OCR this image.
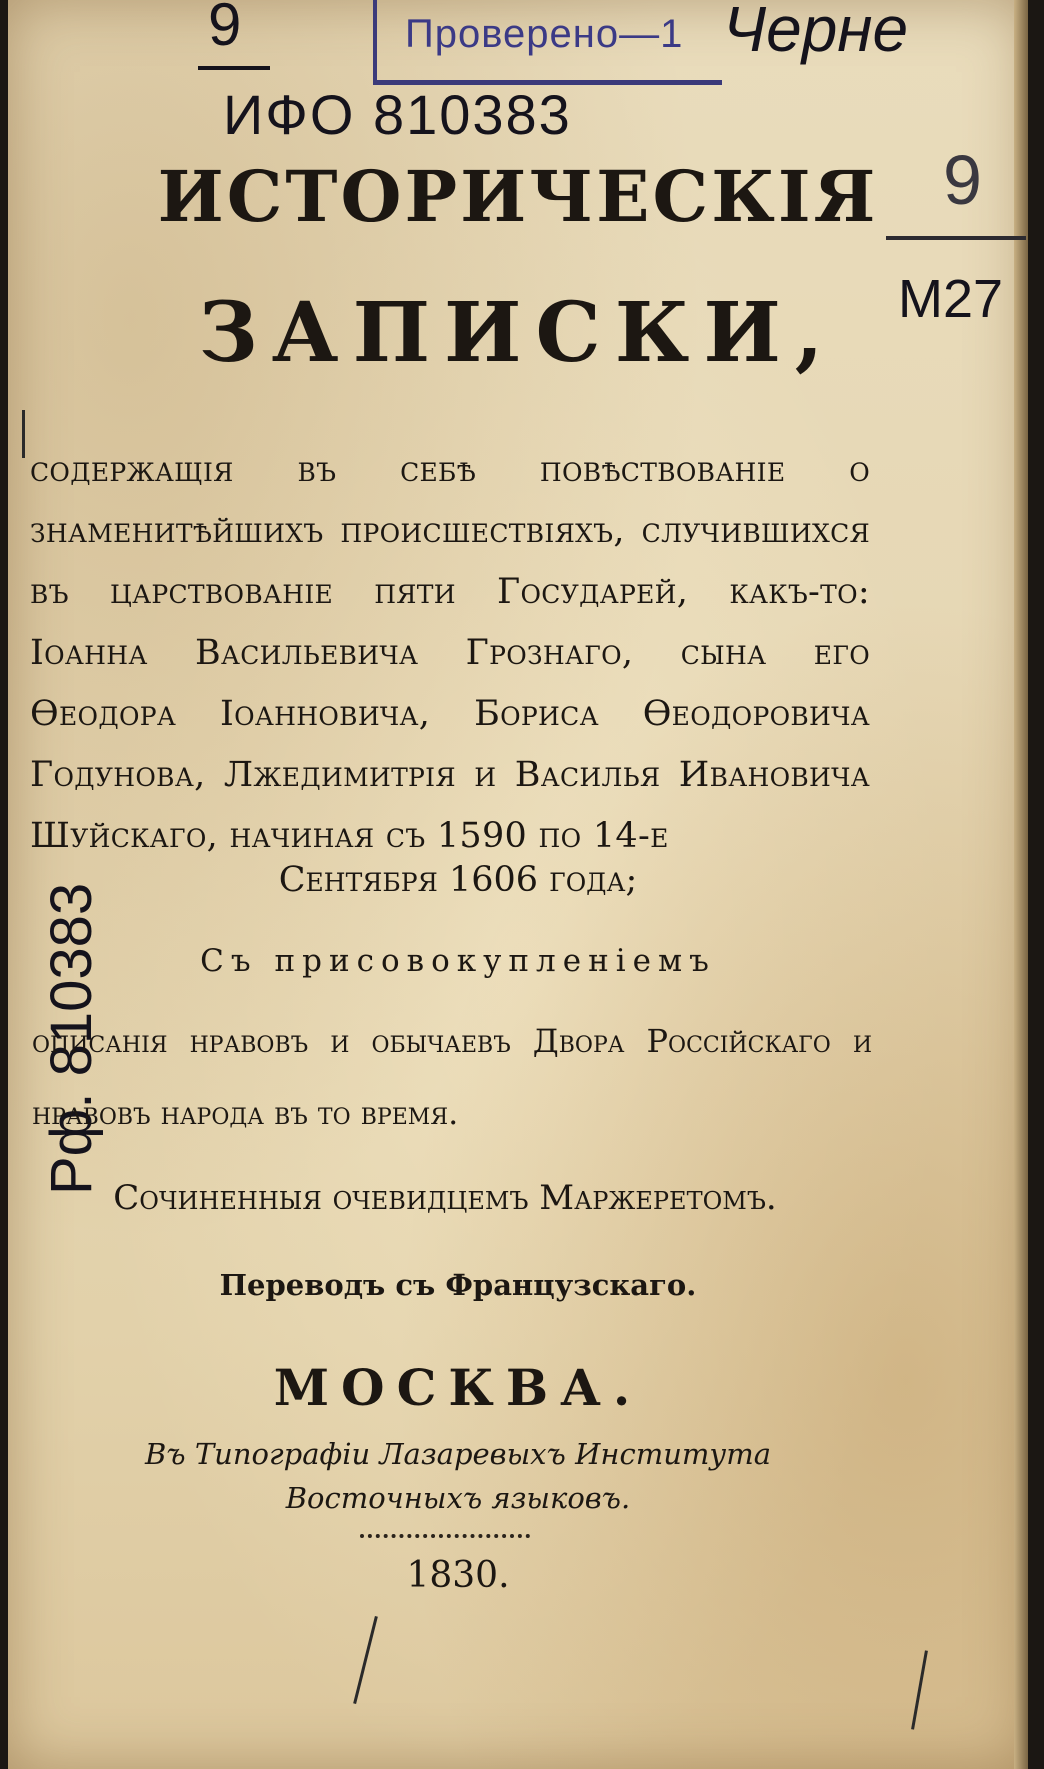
Проверено—1
9
ИФО 810383
Черне
9
М27
Рф. 810383
ИСТОРИЧЕСКІЯ
ЗАПИСКИ,

содержащія въ себѣ повѣствованіе о знаменитѣйшихъ происшествіяхъ, случившихся въ царствованіе пяти Государей, какъ-то: Іоанна Васильевича Грознаго, сына его Ѳеодора Іоанновича, Бориса Ѳеодоровича Годунова, Лжедимитрія и Василья Ивановича Шуйскаго, начиная съ 1590 по 14-е

Сентября 1606 года;
Съ присовокупленіемъ

описанія нравовъ и обычаевъ Двора Россійскаго и нравовъ народа въ то время.

Сочиненныя очевидцемъ Маржеретомъ.
Переводъ съ Французскаго.
МОСКВА.
Въ Типографіи Лазаревыхъ Института
Восточныхъ языковъ.
1830.
